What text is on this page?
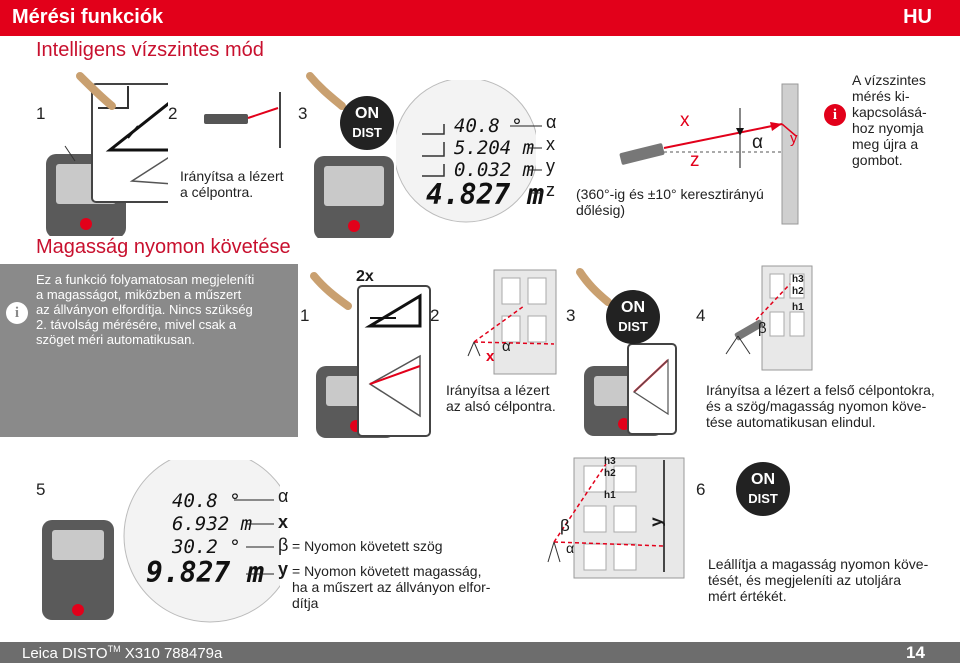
Mérési funkciók	HU
Intelligens vízszintes mód
1	2
Irányítsa a lézert
a célpontra.
3	ON
DIST	40.8 °
5.204 m
0.032 m
4.827 m
α
x
y
z (360°-ig és ±10° keresztirányú
dőlésig)
x
z
α y
i
A vízszintes
mérés ki-
kapcsolásá-
hoz nyomja
meg újra a
gombot.
Magasság nyomon követése
i
Ez a funkció folyamatosan megjeleníti
a magasságot, miközben a műszert
az állványon elfordítja. Nincs szükség
2. távolság mérésére, mivel csak a
szöget méri automatikusan.
1
2x
2
α
x
Irányítsa a lézert
az alsó célpontra.
3	ON
DIST
4
h3
h2
h1
β
Irányítsa a lézert a felső célpontokra,
és a szög/magasság nyomon köve-
tése automatikusan elindul.
5
40.8 °
6.932 m
30.2 °
9.827 m
α
x
β = Nyomon követett szög
y = Nyomon követett magasság,
ha a műszert az állványon elfor-
dítja
h3
h2
h1
y
β
α
6
ON
DIST
Leállítja a magasság nyomon köve-
tését, és megjeleníti az utoljára
mért értékét.
Leica DISTO™ X310 788479a	14
